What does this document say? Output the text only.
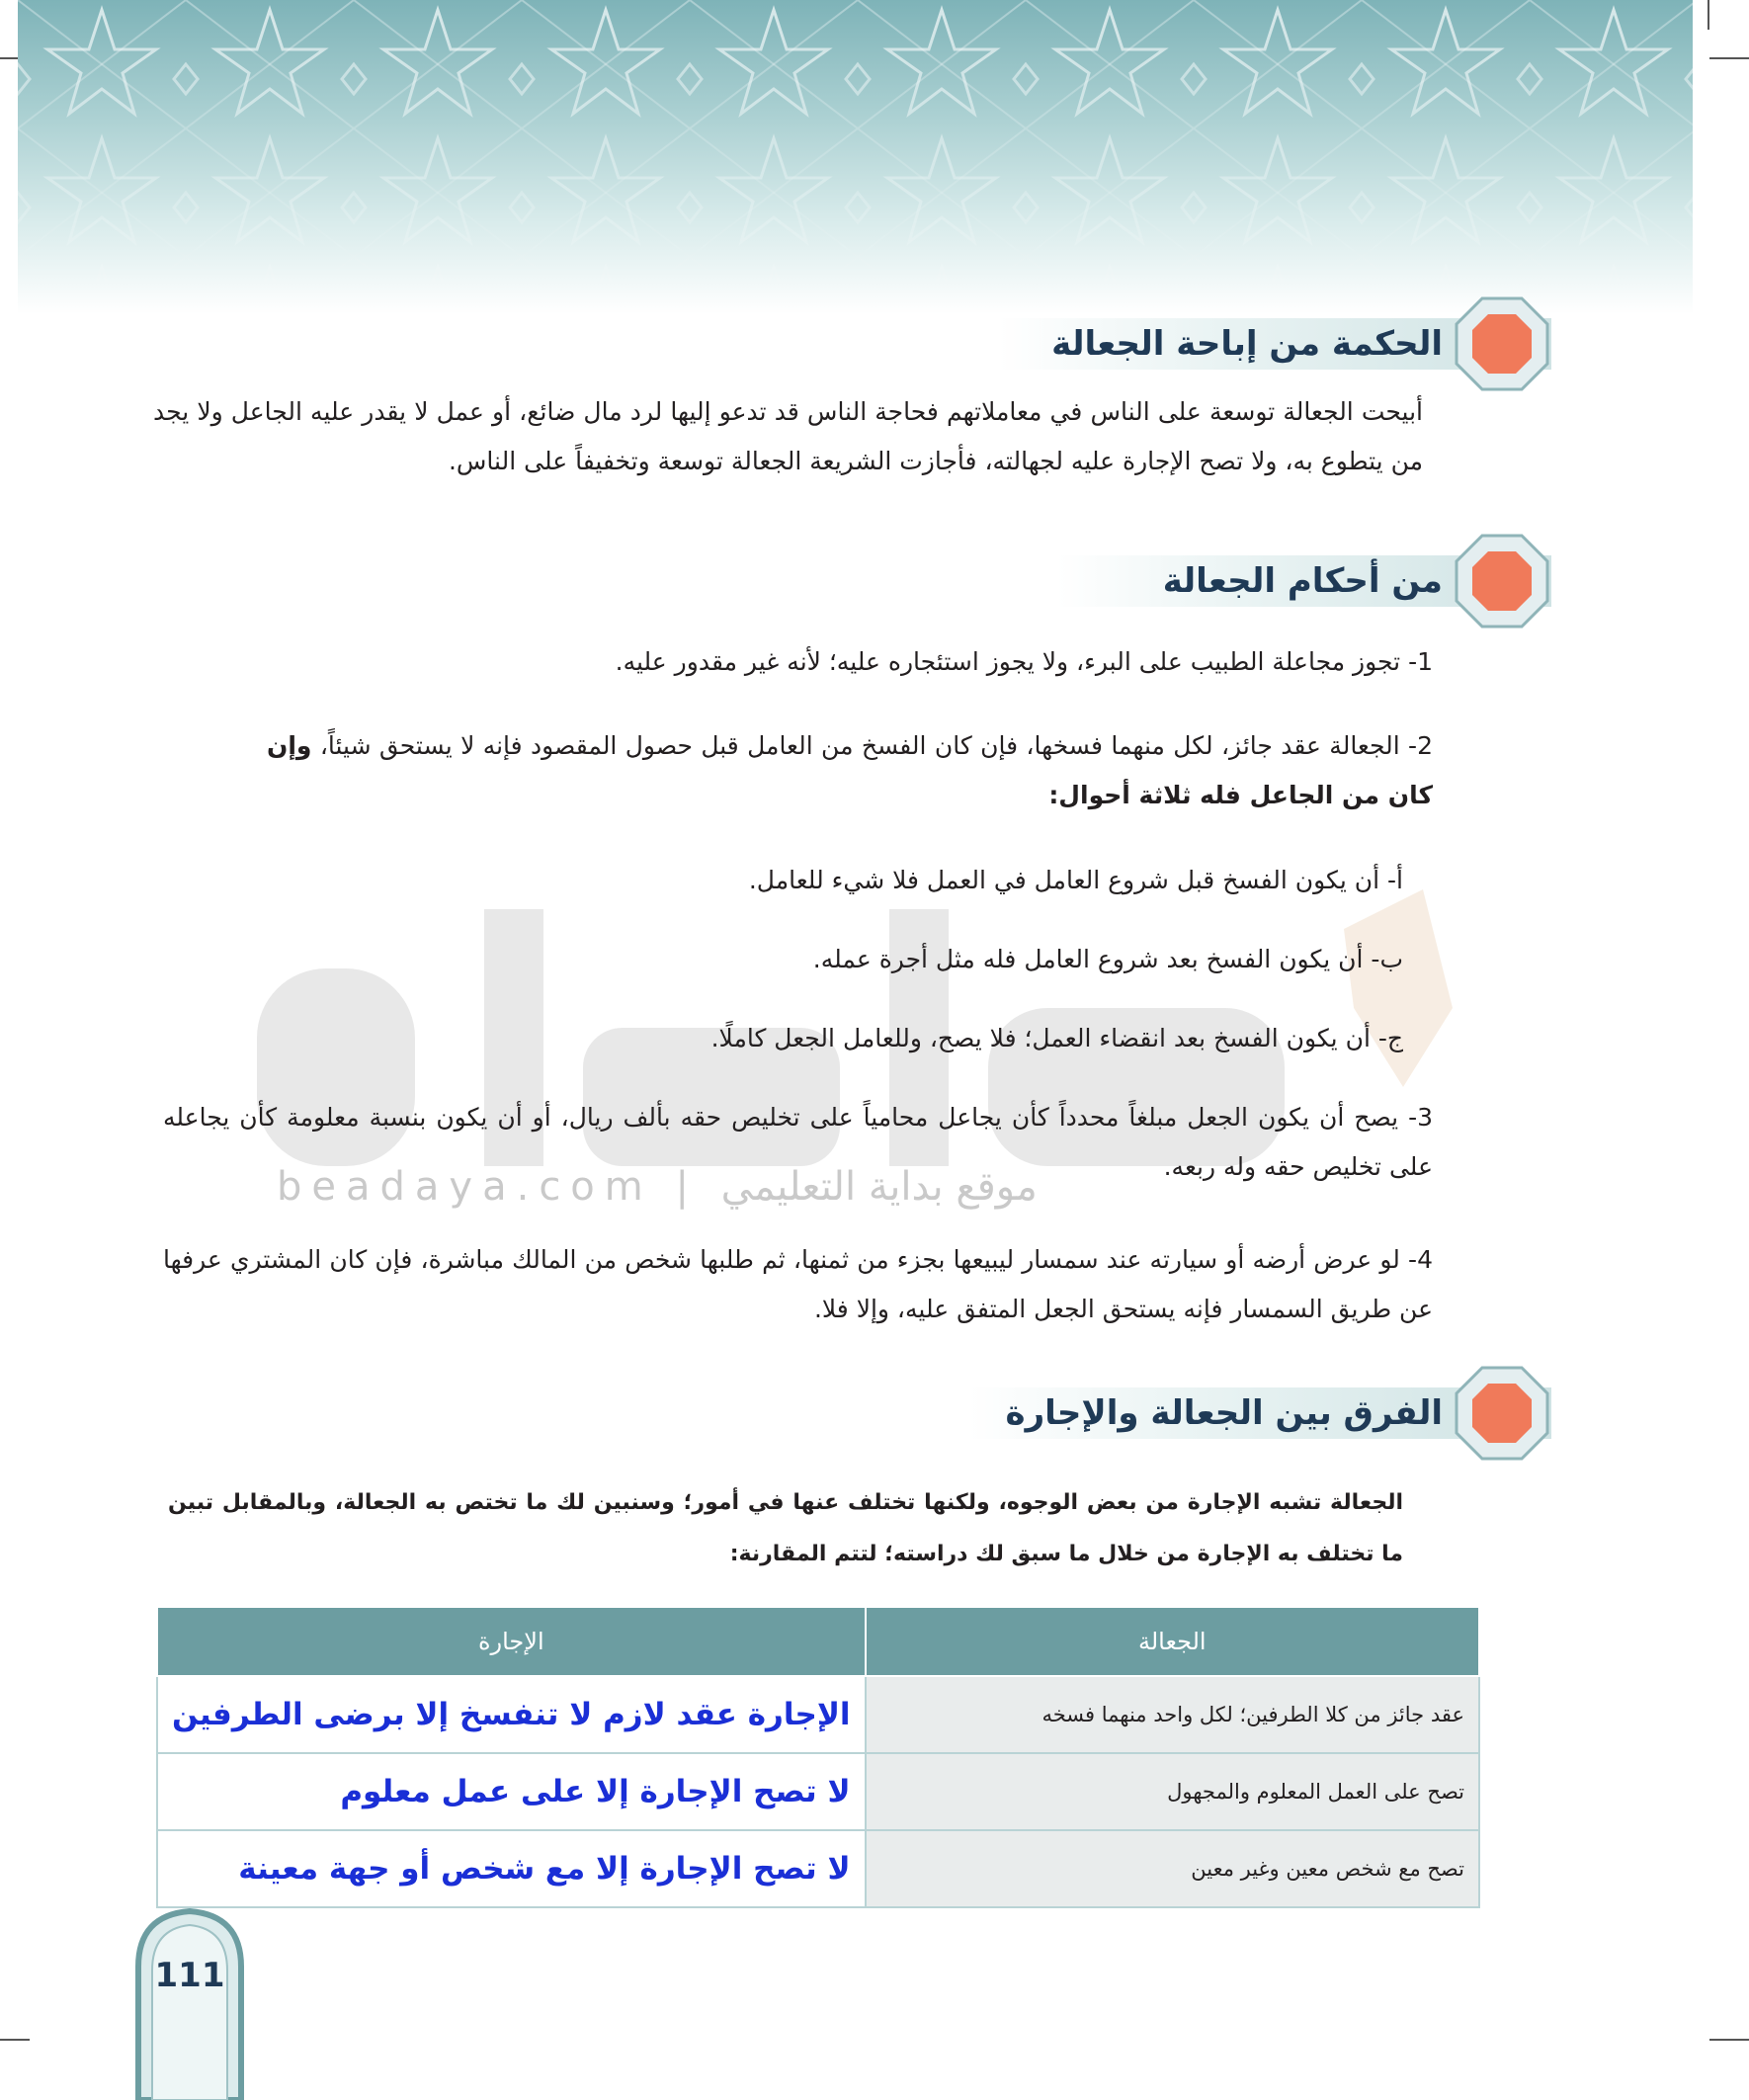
beadaya.com | موقع بداية التعليمي
الحكمة من إباحة الجعالة

أبيحت الجعالة توسعة على الناس في معاملاتهم فحاجة الناس قد تدعو إليها لرد مال ضائع، أو عمل لا يقدر عليه الجاعل ولا يجد من يتطوع به، ولا تصح الإجارة عليه لجهالته، فأجازت الشريعة الجعالة توسعة وتخفيفاً على الناس.

من أحكام الجعالة
1- تجوز مجاعلة الطبيب على البرء، ولا يجوز استئجاره عليه؛ لأنه غير مقدور عليه.
2- الجعالة عقد جائز، لكل منهما فسخها، فإن كان الفسخ من العامل قبل حصول المقصود فإنه لا يستحق شيئاً، وإن كان من الجاعل فله ثلاثة أحوال:
أ- أن يكون الفسخ قبل شروع العامل في العمل فلا شيء للعامل.
ب- أن يكون الفسخ بعد شروع العامل فله مثل أجرة عمله.
ج- أن يكون الفسخ بعد انقضاء العمل؛ فلا يصح، وللعامل الجعل كاملًا.
3- يصح أن يكون الجعل مبلغاً محدداً كأن يجاعل محامياً على تخليص حقه بألف ريال، أو أن يكون بنسبة معلومة كأن يجاعله على تخليص حقه وله ربعه.
4- لو عرض أرضه أو سيارته عند سمسار ليبيعها بجزء من ثمنها، ثم طلبها شخص من المالك مباشرة، فإن كان المشتري عرفها عن طريق السمسار فإنه يستحق الجعل المتفق عليه، وإلا فلا.
الفرق بين الجعالة والإجارة

الجعالة تشبه الإجارة من بعض الوجوه، ولكنها تختلف عنها في أمور؛ وسنبين لك ما تختص به الجعالة، وبالمقابل تبين ما تختلف به الإجارة من خلال ما سبق لك دراسته؛ لتتم المقارنة:

الجعالة	الإجارة
عقد جائز من كلا الطرفين؛ لكل واحد منهما فسخه	الإجارة عقد لازم لا تنفسخ إلا برضى الطرفين
تصح على العمل المعلوم والمجهول	لا تصح الإجارة إلا على عمل معلوم
تصح مع شخص معين وغير معين	لا تصح الإجارة إلا مع شخص أو جهة معينة
111
